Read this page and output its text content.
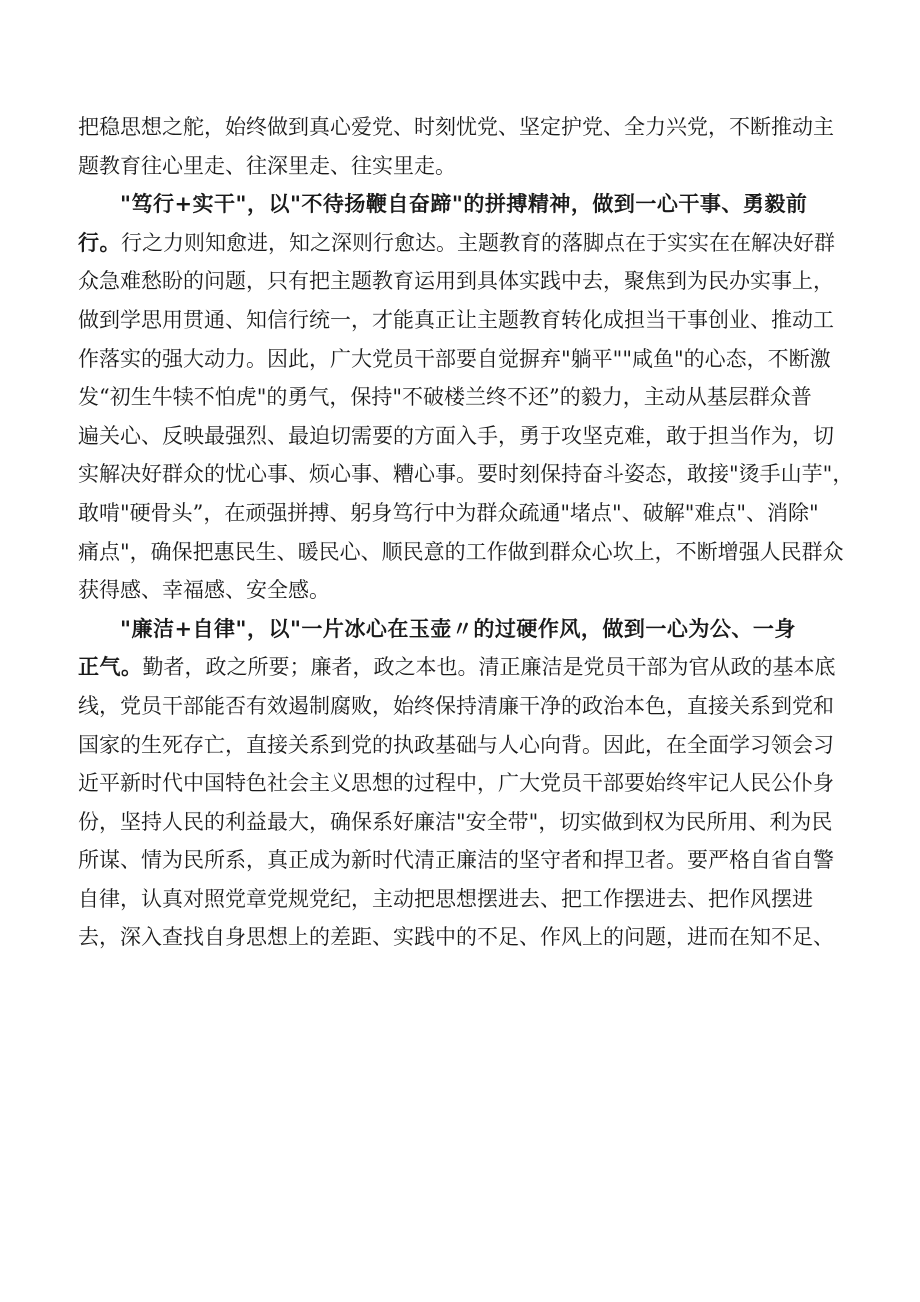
把稳思想之舵，始终做到真心爱党、时刻忧党、坚定护党、全力兴党，不断推动主
题教育往心里走、往深里走、往实里走。
"笃行+实干"，以"不待扬鞭自奋蹄"的拼搏精神，做到一心干事、勇毅前
行。行之力则知愈进，知之深则行愈达。主题教育的落脚点在于实实在在解决好群
众急难愁盼的问题，只有把主题教育运用到具体实践中去，聚焦到为民办实事上，
做到学思用贯通、知信行统一，才能真正让主题教育转化成担当干事创业、推动工
作落实的强大动力。因此，广大党员干部要自觉摒弃"躺平""咸鱼"的心态，不断激
发“初生牛犊不怕虎"的勇气，保持"不破楼兰终不还”的毅力，主动从基层群众普
遍关心、反映最强烈、最迫切需要的方面入手，勇于攻坚克难，敢于担当作为，切
实解决好群众的忧心事、烦心事、糟心事。要时刻保持奋斗姿态，敢接"烫手山芋"，
敢啃"硬骨头”，在顽强拼搏、躬身笃行中为群众疏通"堵点"、破解"难点"、消除"
痛点"，确保把惠民生、暖民心、顺民意的工作做到群众心坎上，不断增强人民群众
获得感、幸福感、安全感。
"廉洁+自律"，以"一片冰心在玉壶〃的过硬作风，做到一心为公、一身
正气。勤者，政之所要；廉者，政之本也。清正廉洁是党员干部为官从政的基本底
线，党员干部能否有效遏制腐败，始终保持清廉干净的政治本色，直接关系到党和
国家的生死存亡，直接关系到党的执政基础与人心向背。因此，在全面学习领会习
近平新时代中国特色社会主义思想的过程中，广大党员干部要始终牢记人民公仆身
份，坚持人民的利益最大，确保系好廉洁"安全带"，切实做到权为民所用、利为民
所谋、情为民所系，真正成为新时代清正廉洁的坚守者和捍卫者。要严格自省自警
自律，认真对照党章党规党纪，主动把思想摆进去、把工作摆进去、把作风摆进
去，深入查找自身思想上的差距、实践中的不足、作风上的问题，进而在知不足、
